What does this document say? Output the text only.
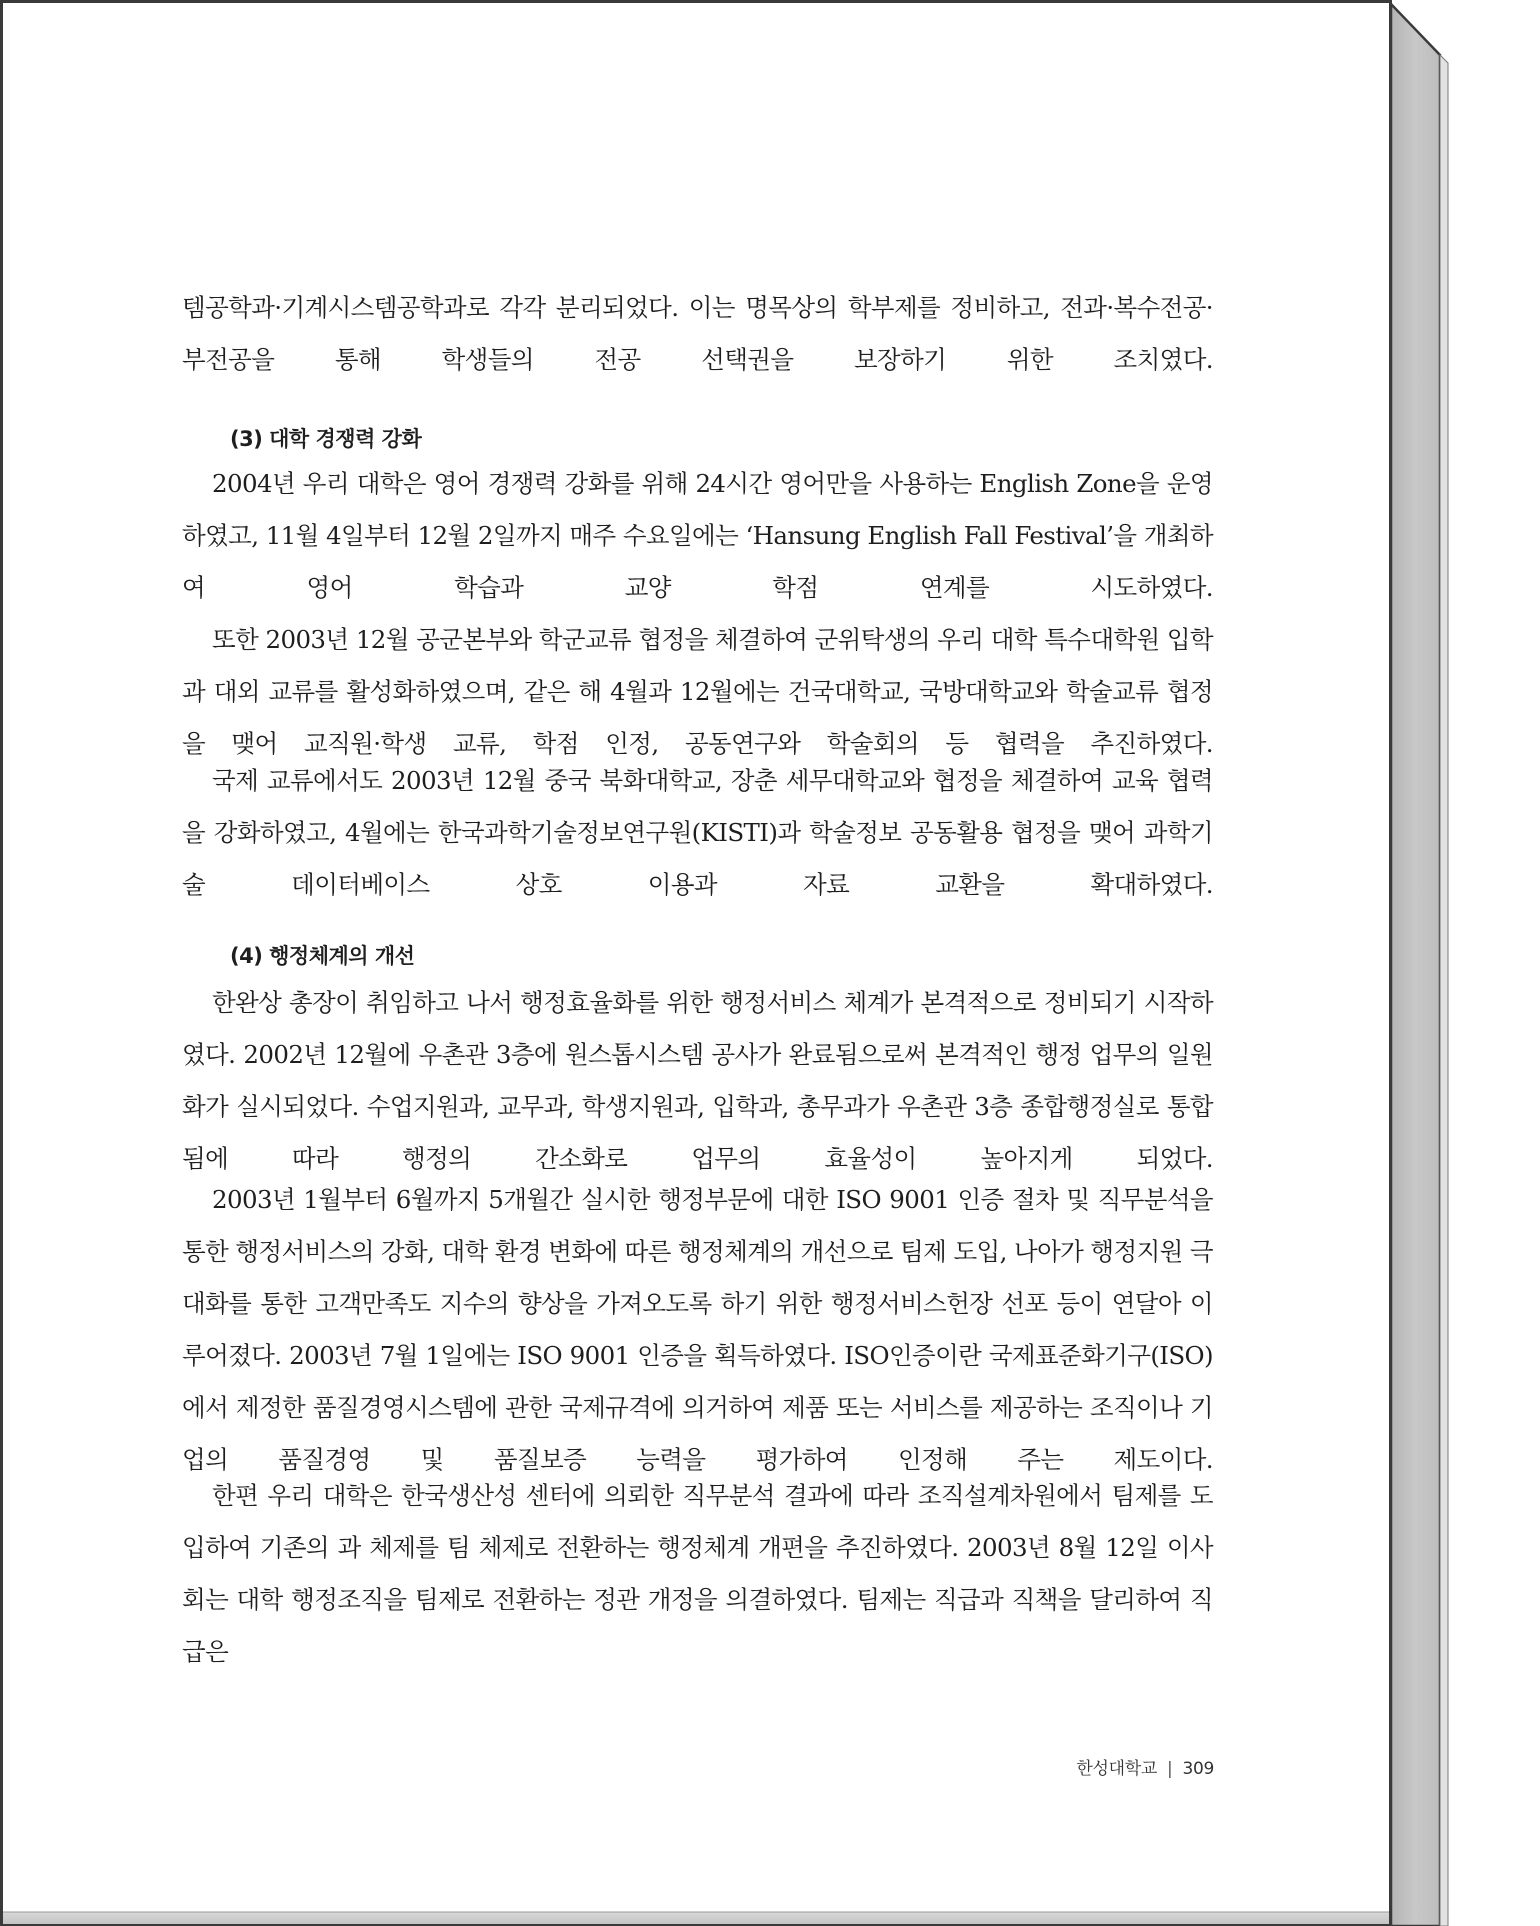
템공학과·기계시스템공학과로 각각 분리되었다. 이는 명목상의 학부제를 정비하고, 전과·복수전공·부전공을 통해 학생들의 전공 선택권을 보장하기 위한 조치였다.

(3) 대학 경쟁력 강화

2004년 우리 대학은 영어 경쟁력 강화를 위해 24시간 영어만을 사용하는 English Zone을 운영하였고, 11월 4일부터 12월 2일까지 매주 수요일에는 ‘Hansung English Fall Festival’을 개최하여 영어 학습과 교양 학점 연계를 시도하였다.

또한 2003년 12월 공군본부와 학군교류 협정을 체결하여 군위탁생의 우리 대학 특수대학원 입학과 대외 교류를 활성화하였으며, 같은 해 4월과 12월에는 건국대학교, 국방대학교와 학술교류 협정을 맺어 교직원·학생 교류, 학점 인정, 공동연구와 학술회의 등 협력을 추진하였다.

국제 교류에서도 2003년 12월 중국 북화대학교, 장춘 세무대학교와 협정을 체결하여 교육 협력을 강화하였고, 4월에는 한국과학기술정보연구원(KISTI)과 학술정보 공동활용 협정을 맺어 과학기술 데이터베이스 상호 이용과 자료 교환을 확대하였다.

(4) 행정체계의 개선

한완상 총장이 취임하고 나서 행정효율화를 위한 행정서비스 체계가 본격적으로 정비되기 시작하였다. 2002년 12월에 우촌관 3층에 원스톱시스템 공사가 완료됨으로써 본격적인 행정 업무의 일원화가 실시되었다. 수업지원과, 교무과, 학생지원과, 입학과, 총무과가 우촌관 3층 종합행정실로 통합됨에 따라 행정의 간소화로 업무의 효율성이 높아지게 되었다.

2003년 1월부터 6월까지 5개월간 실시한 행정부문에 대한 ISO 9001 인증 절차 및 직무분석을 통한 행정서비스의 강화, 대학 환경 변화에 따른 행정체계의 개선으로 팀제 도입, 나아가 행정지원 극대화를 통한 고객만족도 지수의 향상을 가져오도록 하기 위한 행정서비스헌장 선포 등이 연달아 이루어졌다. 2003년 7월 1일에는 ISO 9001 인증을 획득하였다. ISO인증이란 국제표준화기구(ISO)에서 제정한 품질경영시스템에 관한 국제규격에 의거하여 제품 또는 서비스를 제공하는 조직이나 기업의 품질경영 및 품질보증 능력을 평가하여 인정해 주는 제도이다.

한편 우리 대학은 한국생산성 센터에 의뢰한 직무분석 결과에 따라 조직설계차원에서 팀제를 도입하여 기존의 과 체제를 팀 체제로 전환하는 행정체계 개편을 추진하였다. 2003년 8월 12일 이사회는 대학 행정조직을 팀제로 전환하는 정관 개정을 의결하였다. 팀제는 직급과 직책을 달리하여 직급은

한성대학교 | 309
